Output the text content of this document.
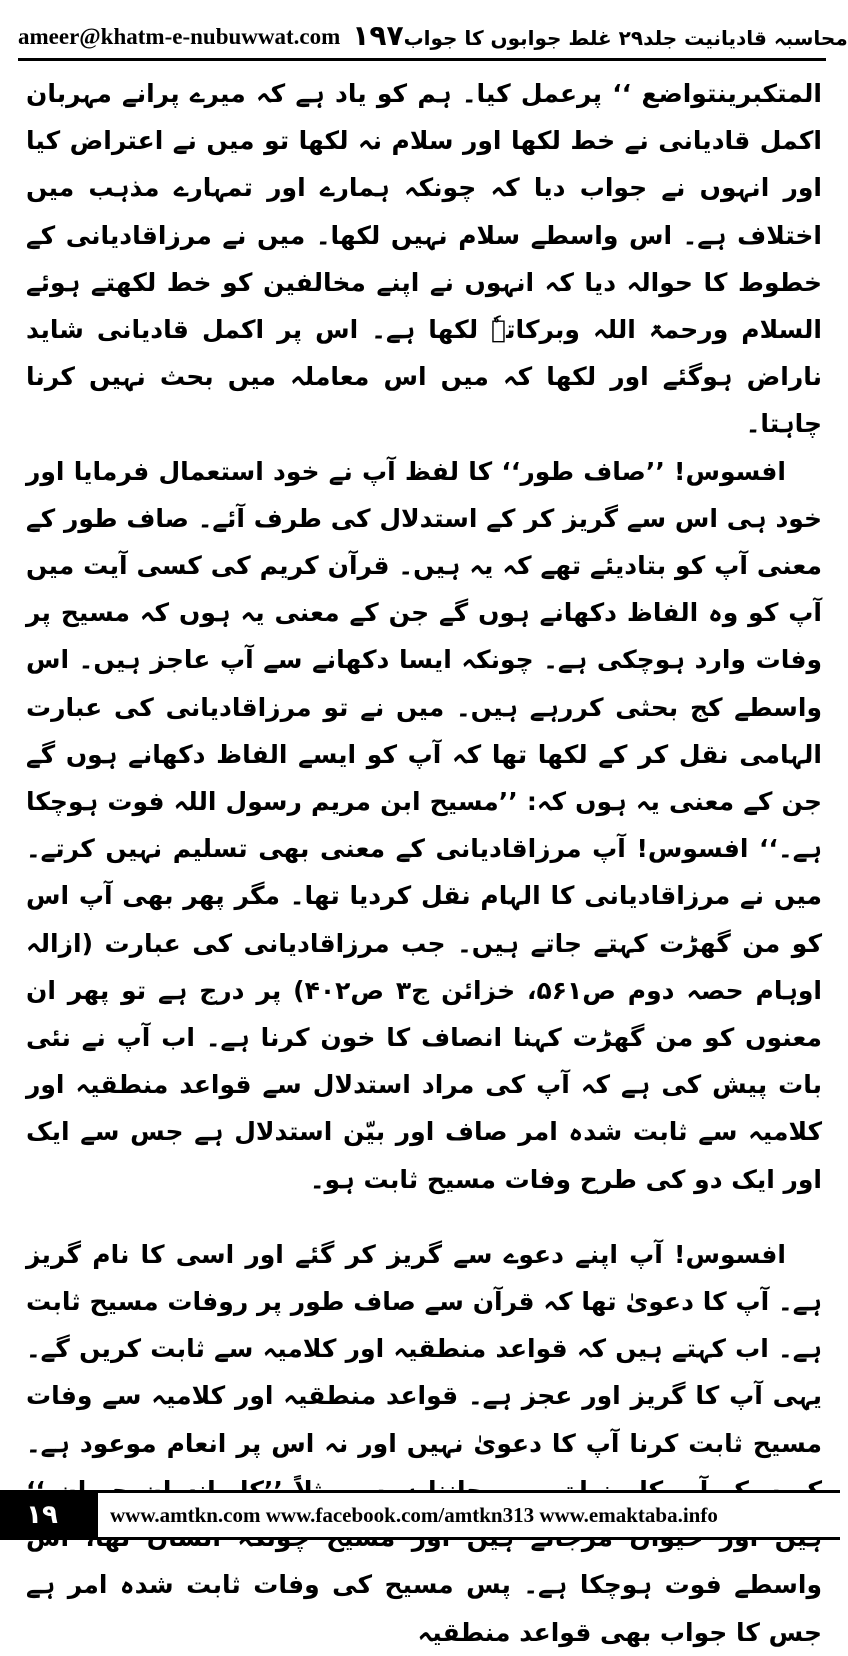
ameer@khatm-e-nubuwwat.com ۱۹۷ محاسبہ قادیانیت جلد۲۹ غلط جوابوں کا جواب

المتکبرینتواضع ‘‘ پرعمل کیا۔ ہم کو یاد ہے کہ میرے پرانے مہربان اکمل قادیانی نے خط لکھا اور سلام نہ لکھا تو میں نے اعتراض کیا اور انہوں نے جواب دیا کہ چونکہ ہمارے اور تمہارے مذہب میں اختلاف ہے۔ اس واسطے سلام نہیں لکھا۔ میں نے مرزاقادیانی کے خطوط کا حوالہ دیا کہ انہوں نے اپنے مخالفین کو خط لکھتے ہوئے السلام ورحمۃ اللہ وبرکاتہٗ لکھا ہے۔ اس پر اکمل قادیانی شاید ناراض ہوگئے اور لکھا کہ میں اس معاملہ میں بحث نہیں کرنا چاہتا۔

افسوس! ’’صاف طور‘‘ کا لفظ آپ نے خود استعمال فرمایا اور خود ہی اس سے گریز کر کے استدلال کی طرف آئے۔ صاف طور کے معنی آپ کو بتادیئے تھے کہ یہ ہیں۔ قرآن کریم کی کسی آیت میں آپ کو وہ الفاظ دکھانے ہوں گے جن کے معنی یہ ہوں کہ مسیح پر وفات وارد ہوچکی ہے۔ چونکہ ایسا دکھانے سے آپ عاجز ہیں۔ اس واسطے کج بحثی کررہے ہیں۔ میں نے تو مرزاقادیانی کی عبارت الہامی نقل کر کے لکھا تھا کہ آپ کو ایسے الفاظ دکھانے ہوں گے جن کے معنی یہ ہوں کہ: ’’مسیح ابن مریم رسول اللہ فوت ہوچکا ہے۔‘‘ افسوس! آپ مرزاقادیانی کے معنی بھی تسلیم نہیں کرتے۔ میں نے مرزاقادیانی کا الہام نقل کردیا تھا۔ مگر پھر بھی آپ اس کو من گھڑت کہتے جاتے ہیں۔ جب مرزاقادیانی کی عبارت (ازالہ اوہام حصہ دوم ص۵۶۱، خزائن ج۳ ص۴۰۲) پر درج ہے تو پھر ان معنوں کو من گھڑت کہنا انصاف کا خون کرنا ہے۔ اب آپ نے نئی بات پیش کی ہے کہ آپ کی مراد استدلال سے قواعد منطقیہ اور کلامیہ سے ثابت شدہ امر صاف اور بیّن استدلال ہے جس سے ایک اور ایک دو کی طرح وفات مسیح ثابت ہو۔

افسوس! آپ اپنے دعوے سے گریز کر گئے اور اسی کا نام گریز ہے۔ آپ کا دعویٰ تھا کہ قرآن سے صاف طور پر روفات مسیح ثابت ہے۔ اب کہتے ہیں کہ قواعد منطقیہ اور کلامیہ سے ثابت کریں گے۔ یہی آپ کا گریز اور عجز ہے۔ قواعد منطقیہ اور کلامیہ سے وفات مسیح ثابت کرنا آپ کا دعویٰ نہیں اور نہ اس پر انعام موعود ہے۔ واسطے فوت ہوچکا ہے۔ پس مسیح کی وفات ثابت شدہ امر ہے جس کا جواب بھی قواعد منطقیہ

۱۹	www.amtkn.com www.facebook.com/amtkn313 www.emaktaba.info
